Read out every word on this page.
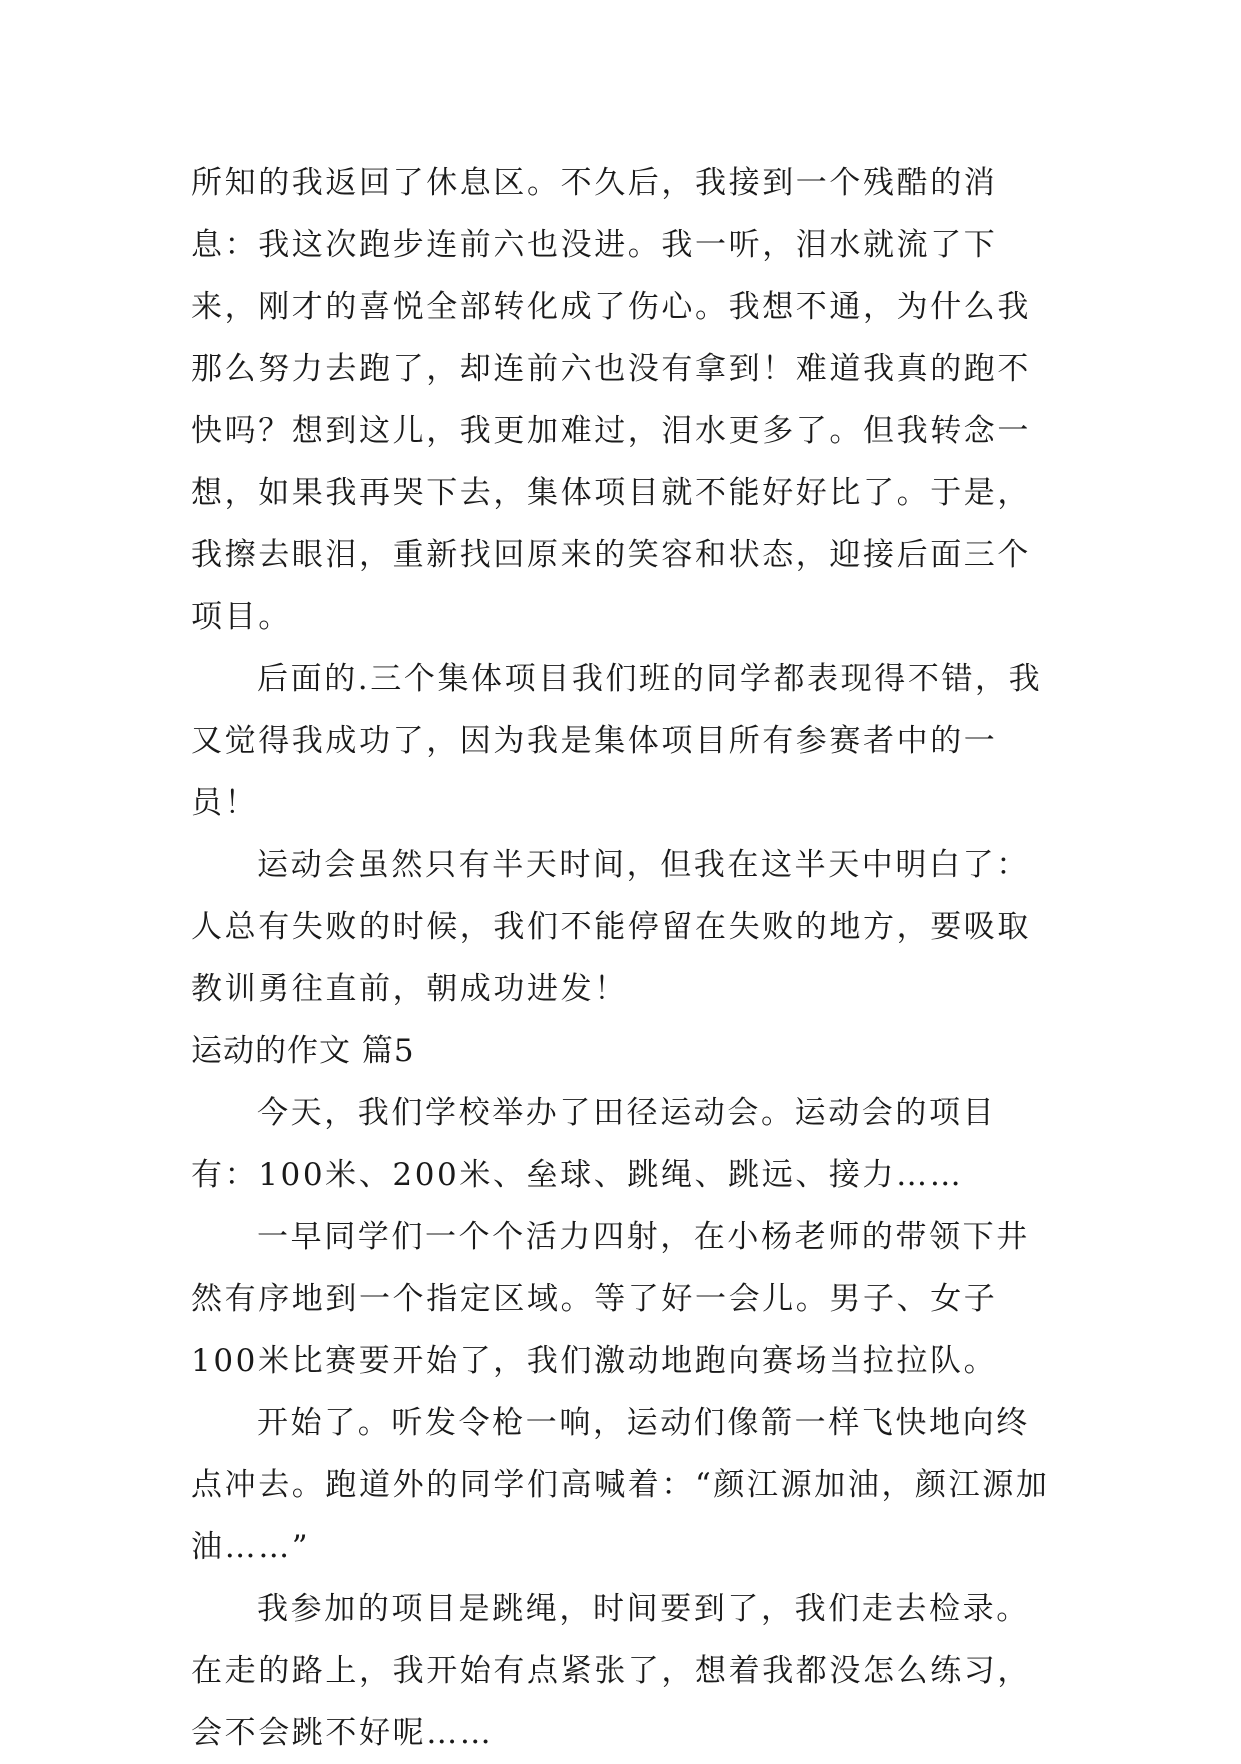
所知的我返回了休息区。不久后，我接到一个残酷的消息：我这次跑步连前六也没进。我一听，泪水就流了下来，刚才的喜悦全部转化成了伤心。我想不通，为什么我那么努力去跑了，却连前六也没有拿到！难道我真的跑不快吗？想到这儿，我更加难过，泪水更多了。但我转念一想，如果我再哭下去，集体项目就不能好好比了。于是，我擦去眼泪，重新找回原来的笑容和状态，迎接后面三个项目。

后面的.三个集体项目我们班的同学都表现得不错，我又觉得我成功了，因为我是集体项目所有参赛者中的一员！

运动会虽然只有半天时间，但我在这半天中明白了：人总有失败的时候，我们不能停留在失败的地方，要吸取教训勇往直前，朝成功进发！

运动的作文 篇5

今天，我们学校举办了田径运动会。运动会的项目有：100米、200米、垒球、跳绳、跳远、接力……

一早同学们一个个活力四射，在小杨老师的带领下井然有序地到一个指定区域。等了好一会儿。男子、女子100米比赛要开始了，我们激动地跑向赛场当拉拉队。

开始了。听发令枪一响，运动们像箭一样飞快地向终点冲去。跑道外的同学们高喊着：“颜江源加油，颜江源加油……”

我参加的项目是跳绳，时间要到了，我们走去检录。在走的路上，我开始有点紧张了，想着我都没怎么练习，会不会跳不好呢……
